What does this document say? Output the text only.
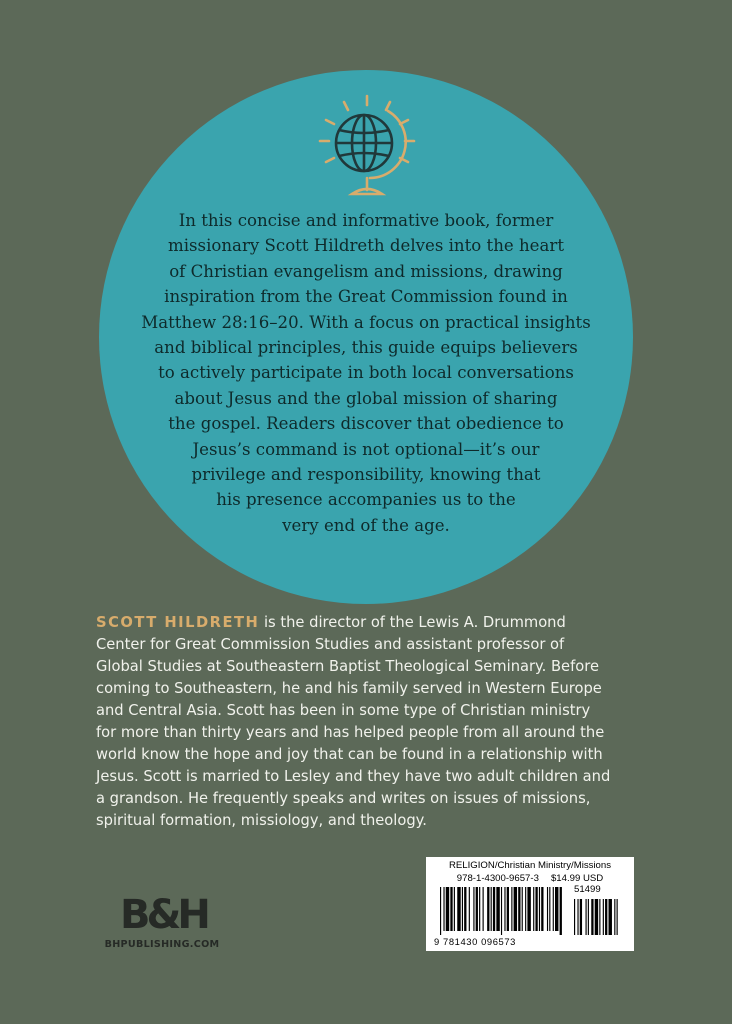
In this concise and informative book, former
missionary Scott Hildreth delves into the heart
of Christian evangelism and missions, drawing
inspiration from the Great Commission found in
Matthew 28:16–20. With a focus on practical insights
and biblical principles, this guide equips believers
to actively participate in both local conversations
about Jesus and the global mission of sharing
the gospel. Readers discover that obedience to
Jesus’s command is not optional—it’s our
privilege and responsibility, knowing that
his presence accompanies us to the
very end of the age.

SCOTT HILDRETH is the director of the Lewis A. Drummond
Center for Great Commission Studies and assistant professor of
Global Studies at Southeastern Baptist Theological Seminary. Before
coming to Southeastern, he and his family served in Western Europe
and Central Asia. Scott has been in some type of Christian ministry
for more than thirty years and has helped people from all around the
world know the hope and joy that can be found in a relationship with
Jesus. Scott is married to Lesley and they have two adult children and
a grandson. He frequently speaks and writes on issues of missions,
spiritual formation, missiology, and theology.

B&H
BHPUBLISHING.COM
RELIGION/Christian Ministry/Missions
978-1-4300-9657-3 $14.99 USD
51499
9 781430 096573
